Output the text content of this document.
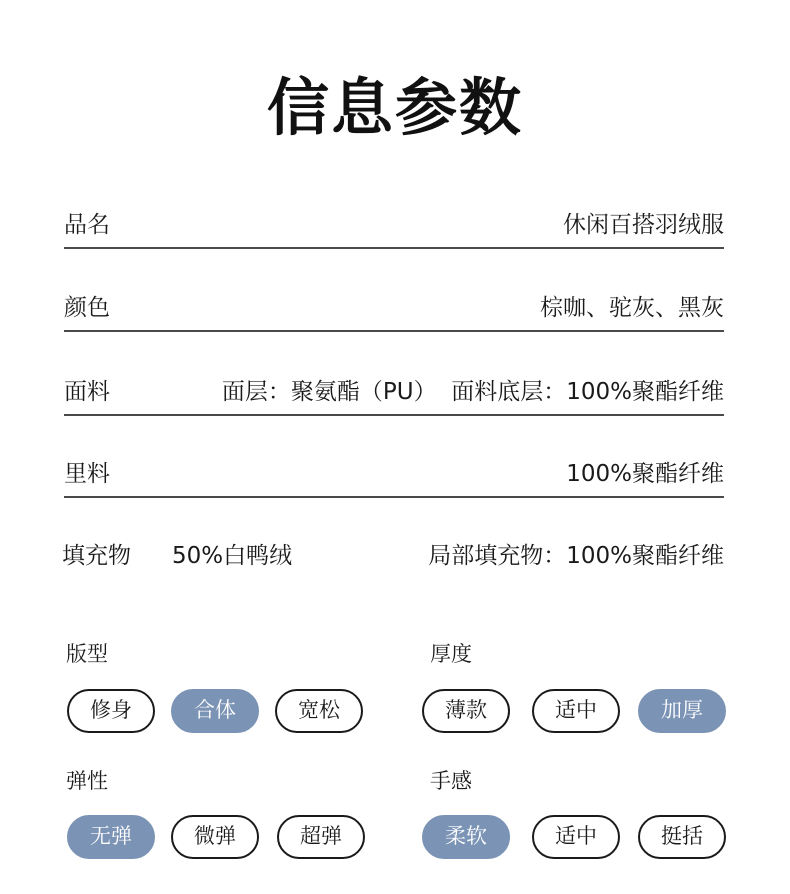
信息参数
品名	休闲百搭羽绒服
颜色	棕咖、驼灰、黑灰
面料	面层：聚氨酯（PU）  面料底层：100%聚酯纤维
里料	100%聚酯纤维
填充物 50%白鸭绒	局部填充物：100%聚酯纤维
版型
修身	合体	宽松
厚度
薄款	适中	加厚
弹性
无弹	微弹	超弹
手感
柔软	适中	挺括
